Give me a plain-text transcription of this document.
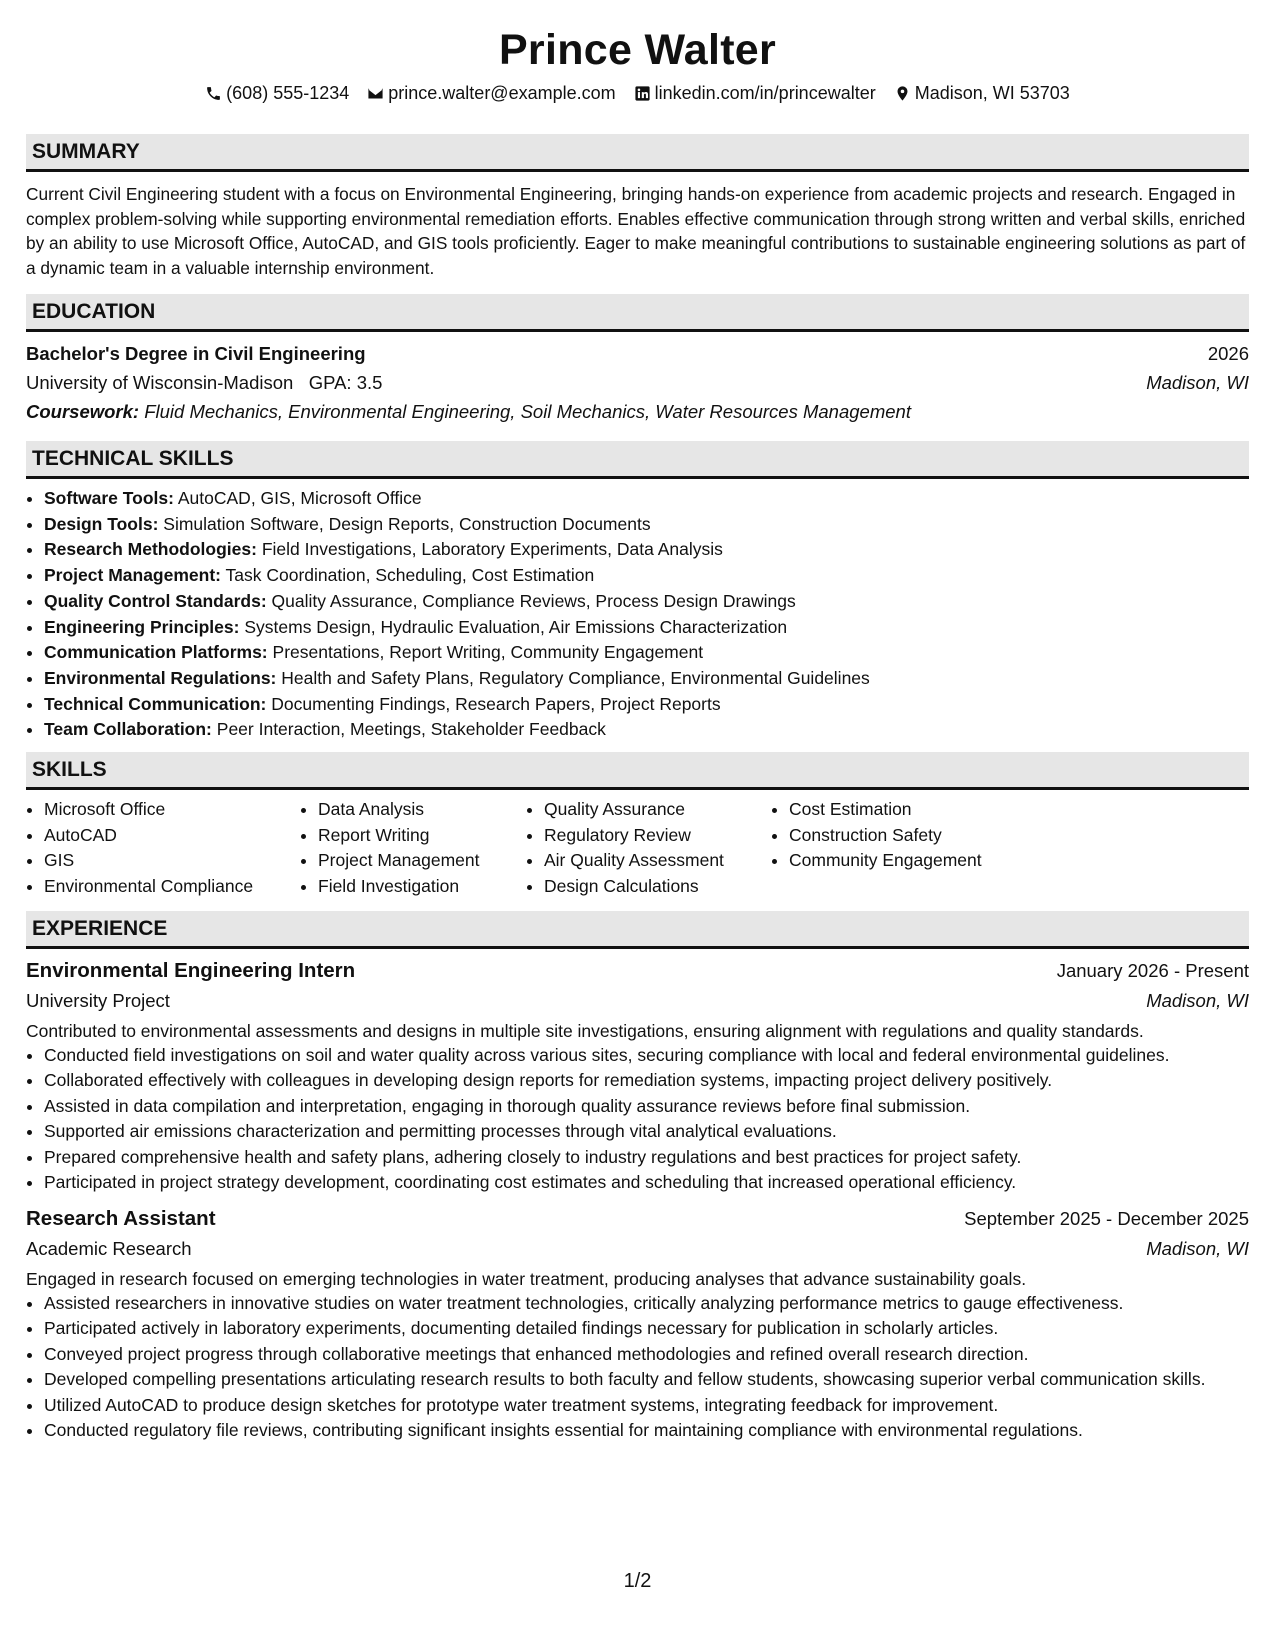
Prince Walter
(608) 555-1234 prince.walter@example.com linkedin.com/in/princewalter Madison, WI 53703
SUMMARY

Current Civil Engineering student with a focus on Environmental Engineering, bringing hands-on experience from academic projects and research. Engaged in complex problem-solving while supporting environmental remediation efforts. Enables effective communication through strong written and verbal skills, enriched by an ability to use Microsoft Office, AutoCAD, and GIS tools proficiently. Eager to make meaningful contributions to sustainable engineering solutions as part of a dynamic team in a valuable internship environment.

EDUCATION
Bachelor's Degree in Civil Engineering	2026
University of Wisconsin-Madison GPA: 3.5	Madison, WI
Coursework: Fluid Mechanics, Environmental Engineering, Soil Mechanics, Water Resources Management
TECHNICAL SKILLS
• Software Tools: AutoCAD, GIS, Microsoft Office
• Design Tools: Simulation Software, Design Reports, Construction Documents
• Research Methodologies: Field Investigations, Laboratory Experiments, Data Analysis
• Project Management: Task Coordination, Scheduling, Cost Estimation
• Quality Control Standards: Quality Assurance, Compliance Reviews, Process Design Drawings
• Engineering Principles: Systems Design, Hydraulic Evaluation, Air Emissions Characterization
• Communication Platforms: Presentations, Report Writing, Community Engagement
• Environmental Regulations: Health and Safety Plans, Regulatory Compliance, Environmental Guidelines
• Technical Communication: Documenting Findings, Research Papers, Project Reports
• Team Collaboration: Peer Interaction, Meetings, Stakeholder Feedback
SKILLS
• Microsoft Office
• AutoCAD
• GIS
• Environmental Compliance
• Data Analysis
• Report Writing
• Project Management
• Field Investigation
• Quality Assurance
• Regulatory Review
• Air Quality Assessment
• Design Calculations
• Cost Estimation
• Construction Safety
• Community Engagement
EXPERIENCE
Environmental Engineering Intern	January 2026 - Present
University Project	Madison, WI
Contributed to environmental assessments and designs in multiple site investigations, ensuring alignment with regulations and quality standards.
• Conducted field investigations on soil and water quality across various sites, securing compliance with local and federal environmental guidelines.
• Collaborated effectively with colleagues in developing design reports for remediation systems, impacting project delivery positively.
• Assisted in data compilation and interpretation, engaging in thorough quality assurance reviews before final submission.
• Supported air emissions characterization and permitting processes through vital analytical evaluations.
• Prepared comprehensive health and safety plans, adhering closely to industry regulations and best practices for project safety.
• Participated in project strategy development, coordinating cost estimates and scheduling that increased operational efficiency.
Research Assistant	September 2025 - December 2025
Academic Research	Madison, WI
Engaged in research focused on emerging technologies in water treatment, producing analyses that advance sustainability goals.
• Assisted researchers in innovative studies on water treatment technologies, critically analyzing performance metrics to gauge effectiveness.
• Participated actively in laboratory experiments, documenting detailed findings necessary for publication in scholarly articles.
• Conveyed project progress through collaborative meetings that enhanced methodologies and refined overall research direction.
• Developed compelling presentations articulating research results to both faculty and fellow students, showcasing superior verbal communication skills.
• Utilized AutoCAD to produce design sketches for prototype water treatment systems, integrating feedback for improvement.
• Conducted regulatory file reviews, contributing significant insights essential for maintaining compliance with environmental regulations.
1/2
